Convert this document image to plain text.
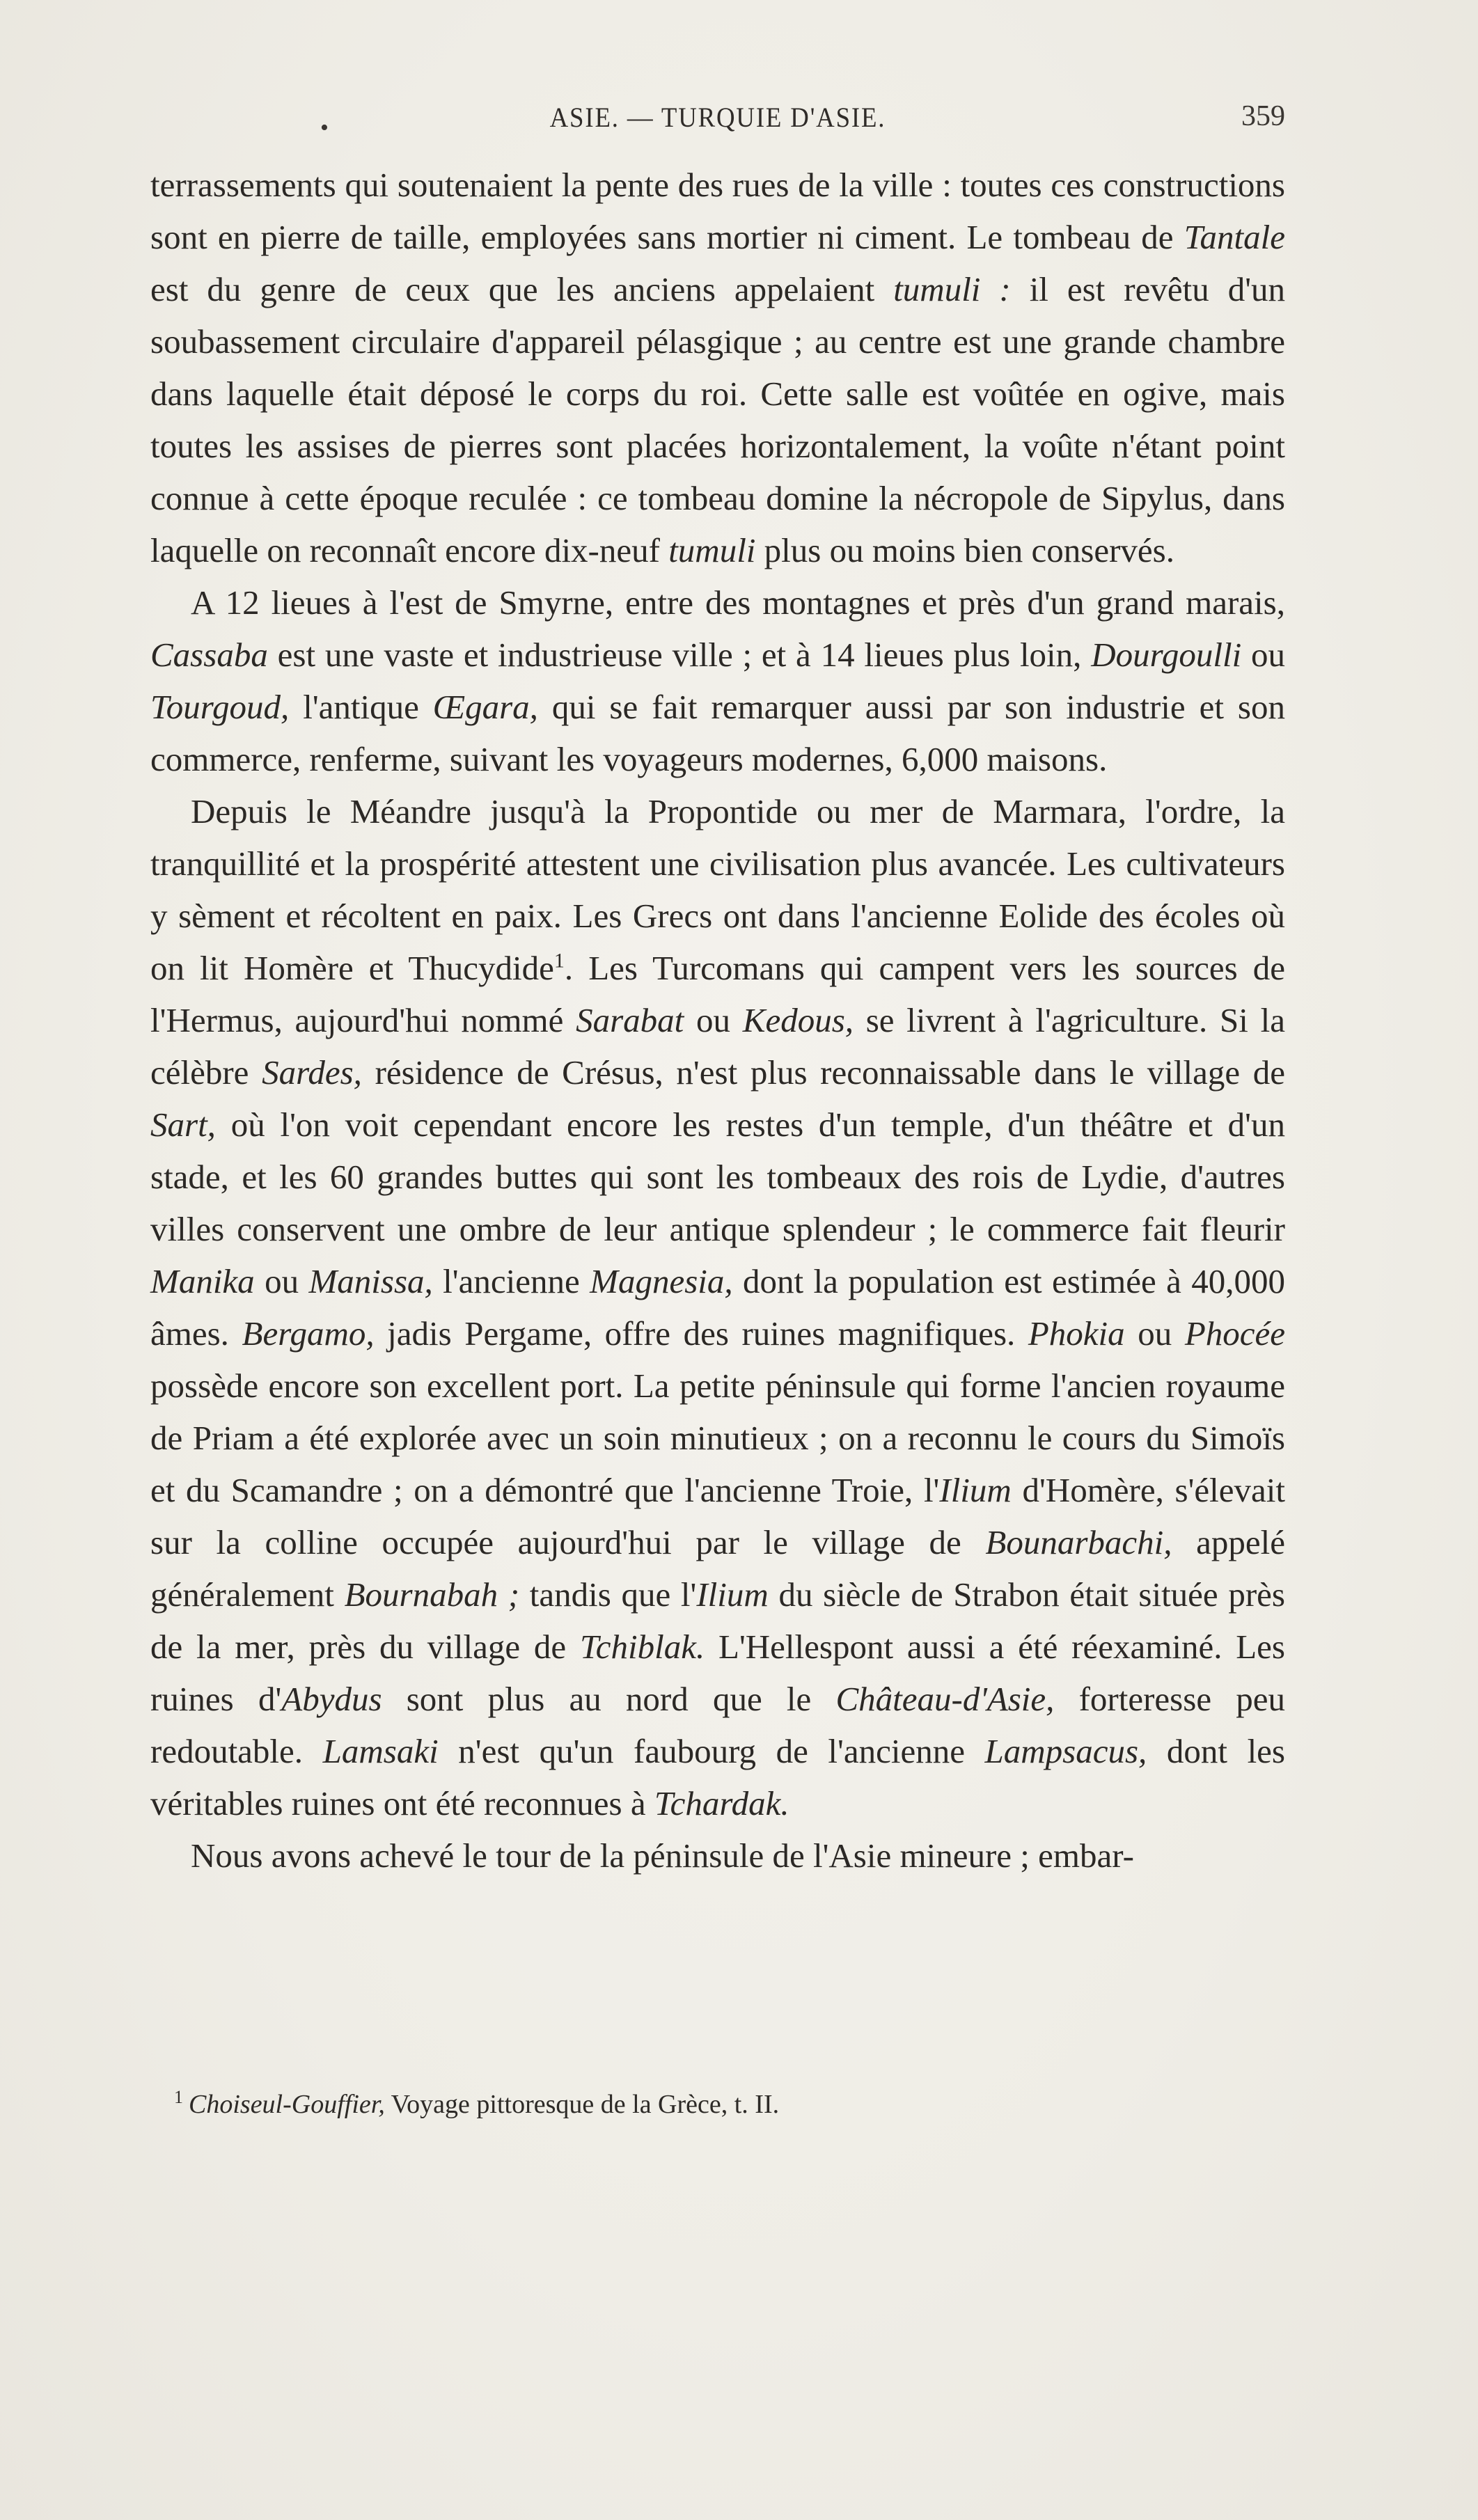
•	ASIE. — TURQUIE D'ASIE.	359

terrassements qui soutenaient la pente des rues de la ville : toutes ces constructions sont en pierre de taille, employées sans mortier ni ciment. Le tombeau de Tantale est du genre de ceux que les anciens appelaient tumuli : il est revêtu d'un soubassement circulaire d'appareil pélasgique ; au centre est une grande chambre dans laquelle était déposé le corps du roi. Cette salle est voûtée en ogive, mais toutes les assises de pierres sont placées horizontalement, la voûte n'étant point connue à cette époque reculée : ce tombeau domine la nécropole de Sipylus, dans laquelle on reconnaît encore dix-neuf tumuli plus ou moins bien conservés.

A 12 lieues à l'est de Smyrne, entre des montagnes et près d'un grand marais, Cassaba est une vaste et industrieuse ville ; et à 14 lieues plus loin, Dourgoulli ou Tourgoud, l'antique Œgara, qui se fait remarquer aussi par son industrie et son commerce, renferme, suivant les voyageurs modernes, 6,000 maisons.

Depuis le Méandre jusqu'à la Propontide ou mer de Marmara, l'ordre, la tranquillité et la prospérité attestent une civilisation plus avancée. Les cultivateurs y sèment et récoltent en paix. Les Grecs ont dans l'ancienne Eolide des écoles où on lit Homère et Thucydide$^1$. Les Turcomans qui campent vers les sources de l'Hermus, aujourd'hui nommé Sarabat ou Kedous, se livrent à l'agriculture. Si la célèbre Sardes, résidence de Crésus, n'est plus reconnaissable dans le village de Sart, où l'on voit cependant encore les restes d'un temple, d'un théâtre et d'un stade, et les 60 grandes buttes qui sont les tombeaux des rois de Lydie, d'autres villes conservent une ombre de leur antique splendeur ; le commerce fait fleurir Manika ou Manissa, l'ancienne Magnesia, dont la population est estimée à 40,000 âmes. Bergamo, jadis Pergame, offre des ruines magnifiques. Phokia ou Phocée possède encore son excellent port. La petite péninsule qui forme l'ancien royaume de Priam a été explorée avec un soin minutieux ; on a reconnu le cours du Simoïs et du Scamandre ; on a démontré que l'ancienne Troie, l'Ilium d'Homère, s'élevait sur la colline occupée aujourd'hui par le village de Bounarbachi, appelé généralement Bournabah ; tandis que l'Ilium du siècle de Strabon était située près de la mer, près du village de Tchiblak. L'Hellespont aussi a été réexaminé. Les ruines d'Abydus sont plus au nord que le Château-d'Asie, forteresse peu redoutable. Lamsaki n'est qu'un faubourg de l'ancienne Lampsacus, dont les véritables ruines ont été reconnues à Tchardak.

Nous avons achevé le tour de la péninsule de l'Asie mineure ; embar-

$^1$ Choiseul-Gouffier, Voyage pittoresque de la Grèce, t. II.
